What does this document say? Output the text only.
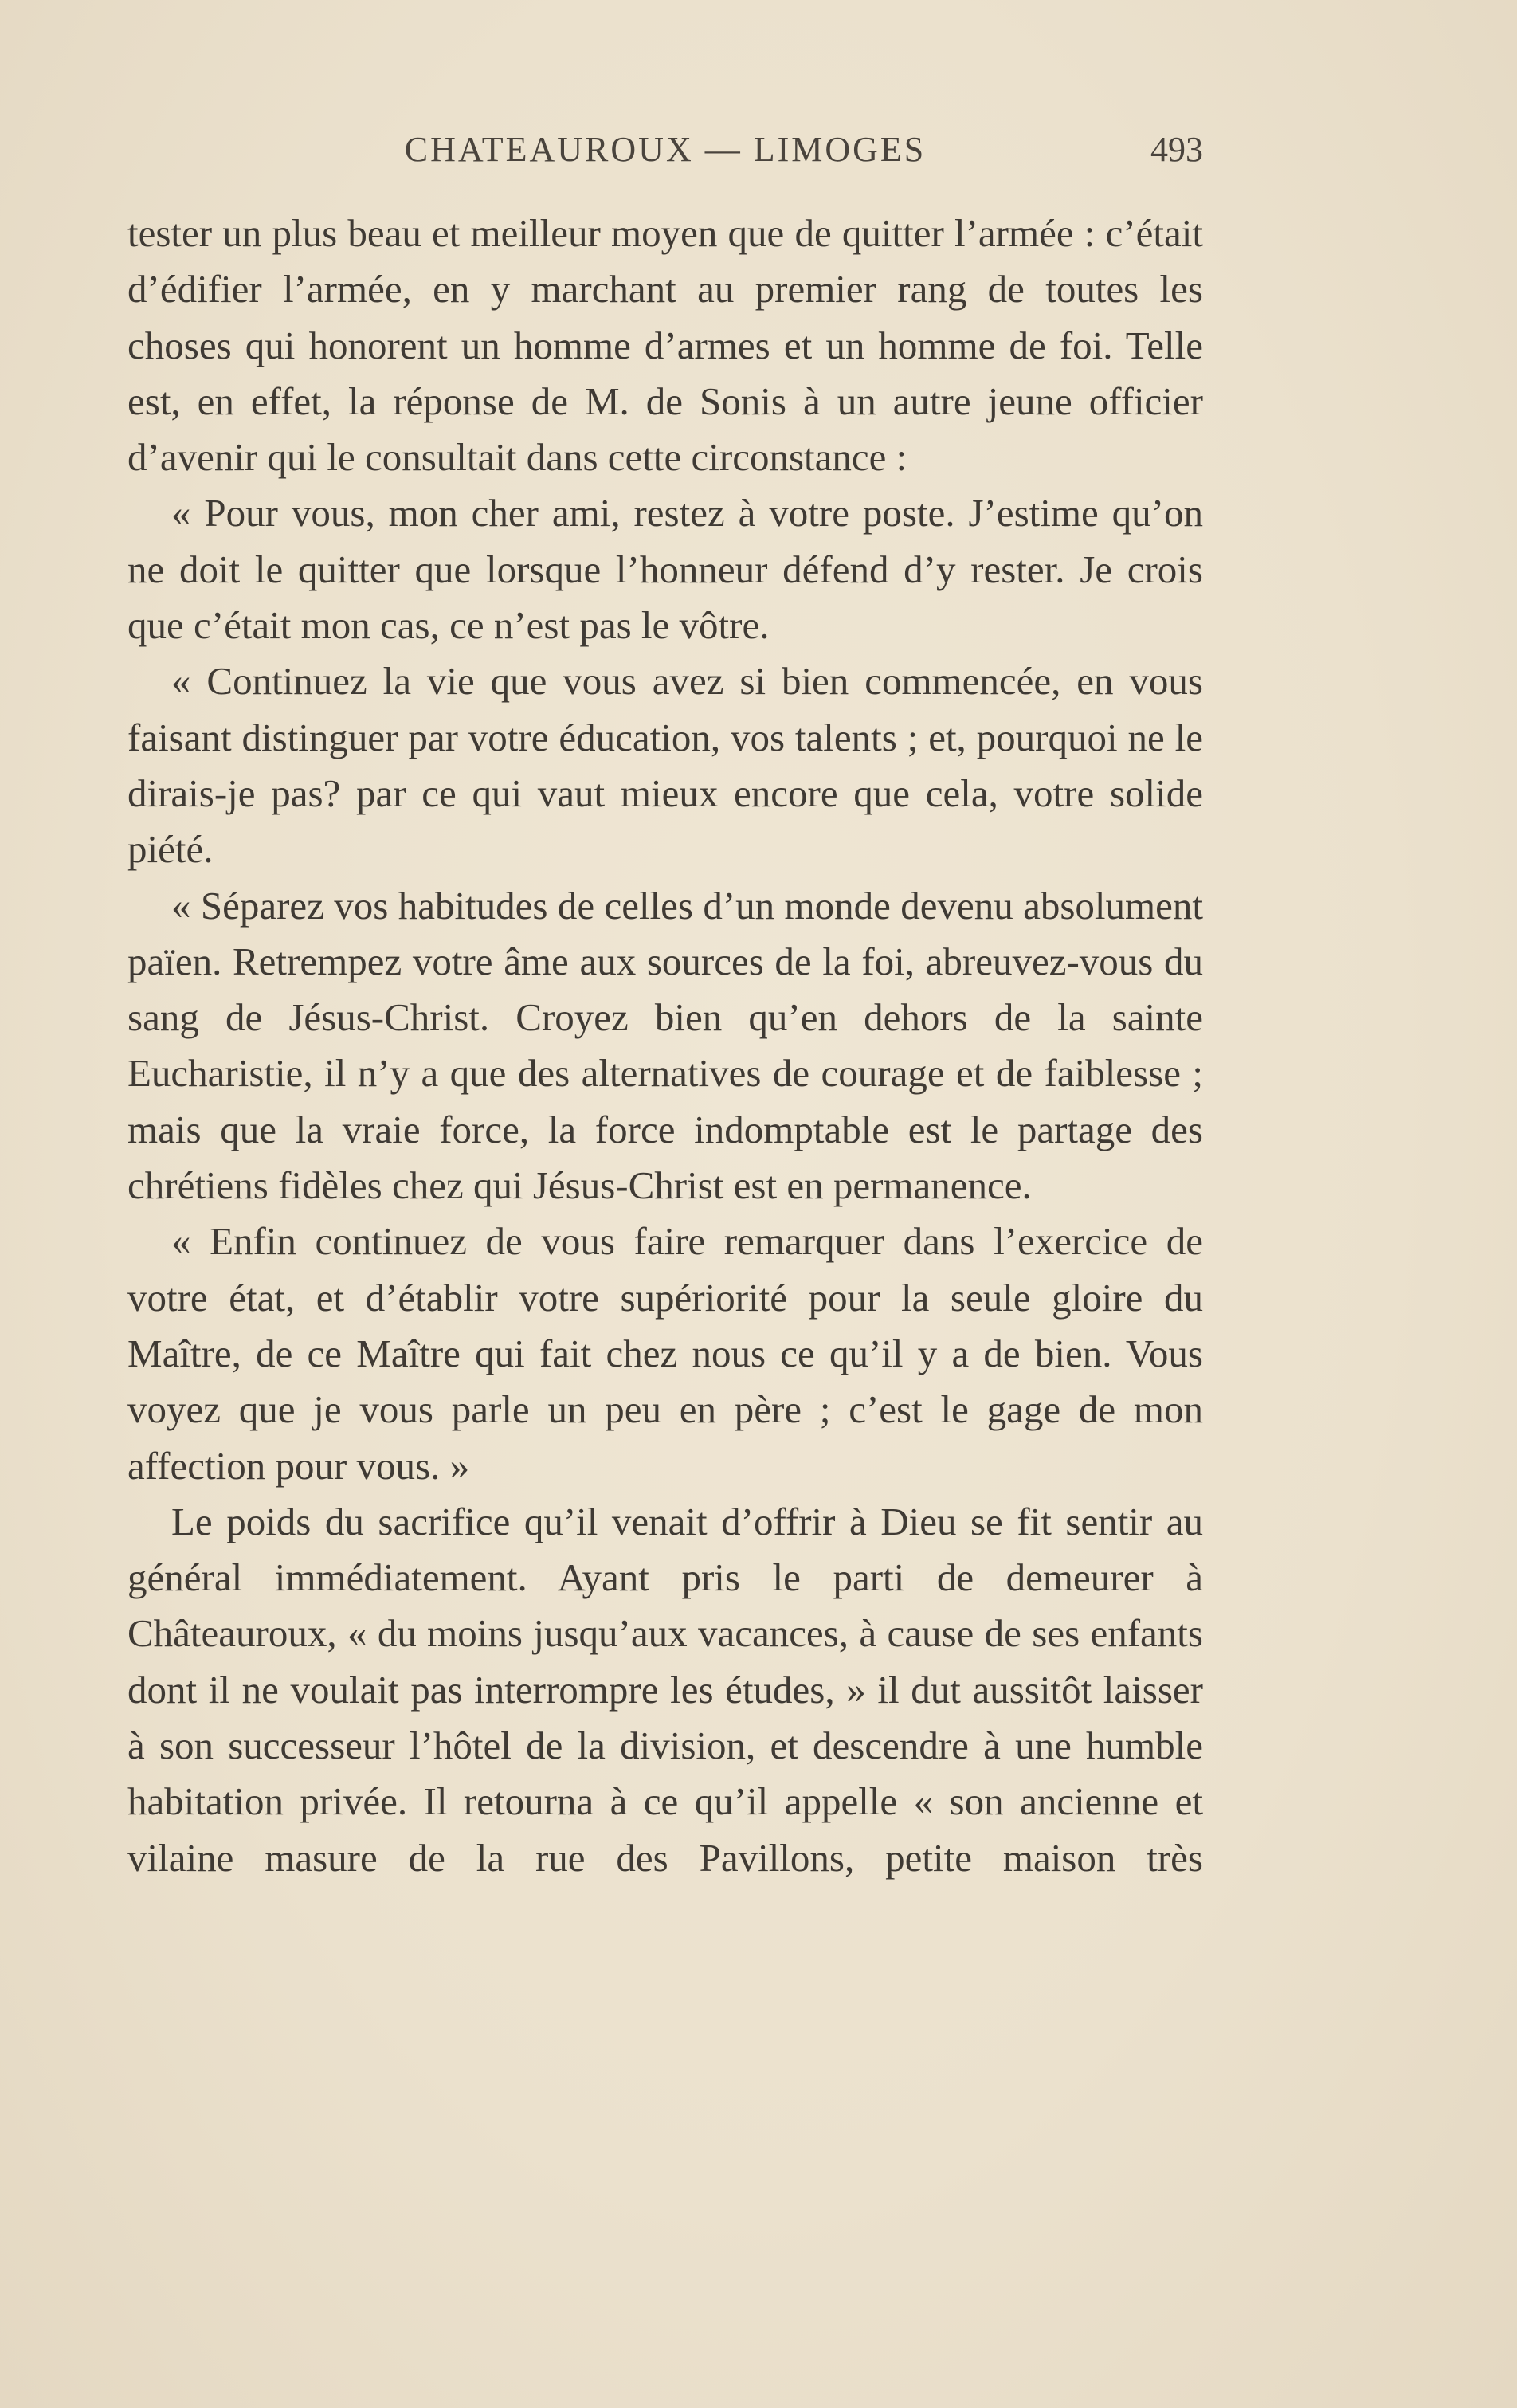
CHATEAUROUX — LIMOGES	493

tester un plus beau et meilleur moyen que de quitter l’armée : c’était d’édifier l’armée, en y marchant au premier rang de toutes les choses qui honorent un homme d’armes et un homme de foi. Telle est, en effet, la réponse de M. de Sonis à un autre jeune officier d’avenir qui le consultait dans cette circonstance :

« Pour vous, mon cher ami, restez à votre poste. J’estime qu’on ne doit le quitter que lorsque l’honneur défend d’y rester. Je crois que c’était mon cas, ce n’est pas le vôtre.

« Continuez la vie que vous avez si bien commencée, en vous faisant distinguer par votre éducation, vos talents ; et, pourquoi ne le dirais-je pas? par ce qui vaut mieux encore que cela, votre solide piété.

« Séparez vos habitudes de celles d’un monde devenu absolument païen. Retrempez votre âme aux sources de la foi, abreuvez-vous du sang de Jésus-Christ. Croyez bien qu’en dehors de la sainte Eucharistie, il n’y a que des alternatives de courage et de faiblesse ; mais que la vraie force, la force indomptable est le partage des chrétiens fidèles chez qui Jésus-Christ est en permanence.

« Enfin continuez de vous faire remarquer dans l’exercice de votre état, et d’établir votre supériorité pour la seule gloire du Maître, de ce Maître qui fait chez nous ce qu’il y a de bien. Vous voyez que je vous parle un peu en père ; c’est le gage de mon affection pour vous. »

Le poids du sacrifice qu’il venait d’offrir à Dieu se fit sentir au général immédiatement. Ayant pris le parti de demeurer à Châteauroux, « du moins jusqu’aux vacances, à cause de ses enfants dont il ne voulait pas interrompre les études, » il dut aussitôt laisser à son successeur l’hôtel de la division, et descendre à une humble habitation privée. Il retourna à ce qu’il appelle « son ancienne et vilaine masure de la rue des Pavillons, petite maison très
